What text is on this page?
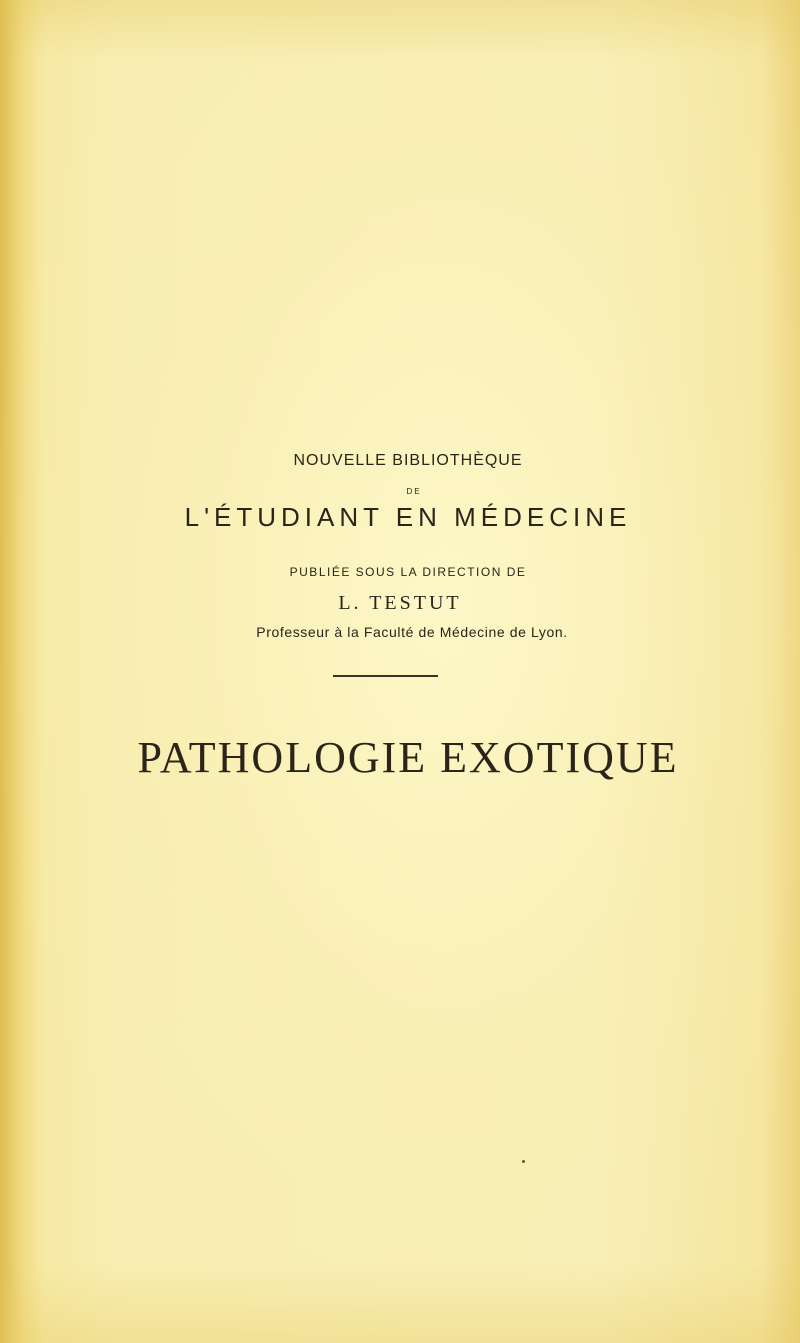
NOUVELLE BIBLIOTHÈQUE
DE
L'ÉTUDIANT EN MÉDECINE
PUBLIÉE SOUS LA DIRECTION DE
L. TESTUT
Professeur à la Faculté de Médecine de Lyon.
PATHOLOGIE EXOTIQUE
